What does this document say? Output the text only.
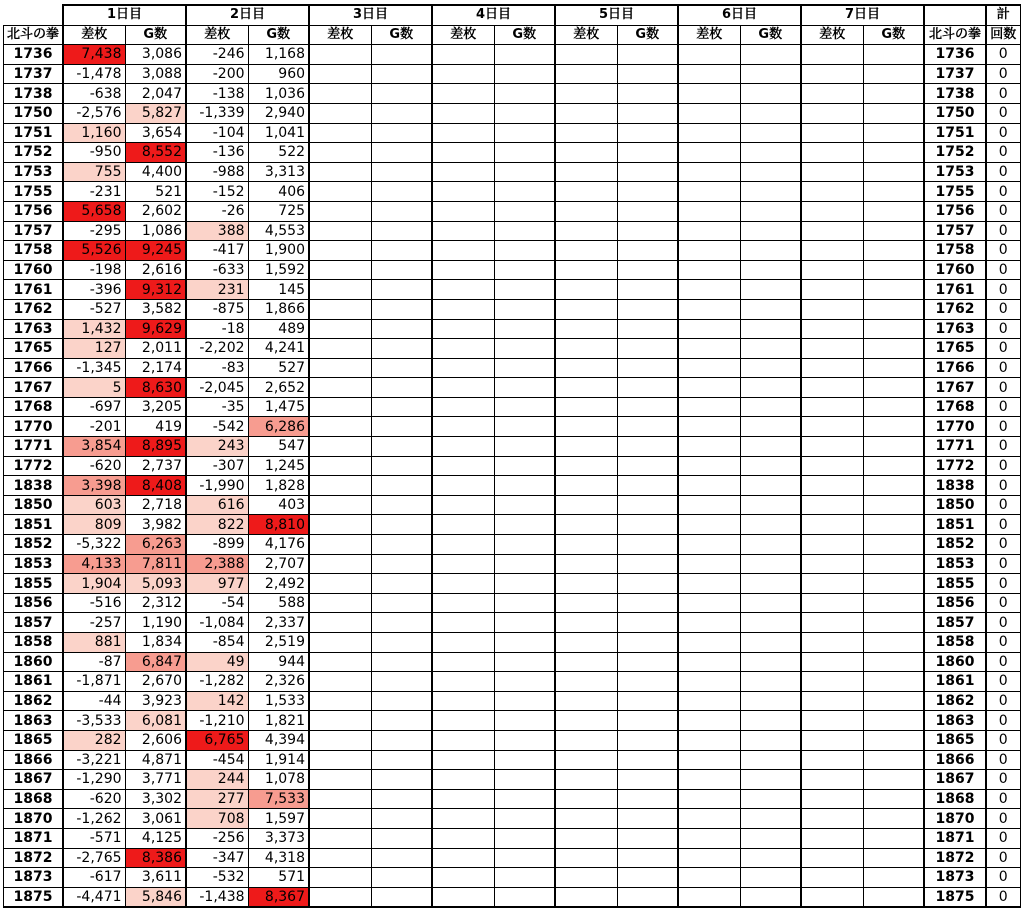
	1日目		2日目		3日目		4日目		5日目		6日目		7日目			計
北斗の拳	差枚	G数	差枚	G数	差枚	G数	差枚	G数	差枚	G数	差枚	G数	差枚	G数	北斗の拳	回数
1736	7,438	3,086	-246	1,168											1736	0
1737	-1,478	3,088	-200	960											1737	0
1738	-638	2,047	-138	1,036											1738	0
1750	-2,576	5,827	-1,339	2,940											1750	0
1751	1,160	3,654	-104	1,041											1751	0
1752	-950	8,552	-136	522											1752	0
1753	755	4,400	-988	3,313											1753	0
1755	-231	521	-152	406											1755	0
1756	5,658	2,602	-26	725											1756	0
1757	-295	1,086	388	4,553											1757	0
1758	5,526	9,245	-417	1,900											1758	0
1760	-198	2,616	-633	1,592											1760	0
1761	-396	9,312	231	145											1761	0
1762	-527	3,582	-875	1,866											1762	0
1763	1,432	9,629	-18	489											1763	0
1765	127	2,011	-2,202	4,241											1765	0
1766	-1,345	2,174	-83	527											1766	0
1767	5	8,630	-2,045	2,652											1767	0
1768	-697	3,205	-35	1,475											1768	0
1770	-201	419	-542	6,286											1770	0
1771	3,854	8,895	243	547											1771	0
1772	-620	2,737	-307	1,245											1772	0
1838	3,398	8,408	-1,990	1,828											1838	0
1850	603	2,718	616	403											1850	0
1851	809	3,982	822	8,810											1851	0
1852	-5,322	6,263	-899	4,176											1852	0
1853	4,133	7,811	2,388	2,707											1853	0
1855	1,904	5,093	977	2,492											1855	0
1856	-516	2,312	-54	588											1856	0
1857	-257	1,190	-1,084	2,337											1857	0
1858	881	1,834	-854	2,519											1858	0
1860	-87	6,847	49	944											1860	0
1861	-1,871	2,670	-1,282	2,326											1861	0
1862	-44	3,923	142	1,533											1862	0
1863	-3,533	6,081	-1,210	1,821											1863	0
1865	282	2,606	6,765	4,394											1865	0
1866	-3,221	4,871	-454	1,914											1866	0
1867	-1,290	3,771	244	1,078											1867	0
1868	-620	3,302	277	7,533											1868	0
1870	-1,262	3,061	708	1,597											1870	0
1871	-571	4,125	-256	3,373											1871	0
1872	-2,765	8,386	-347	4,318											1872	0
1873	-617	3,611	-532	571											1873	0
1875	-4,471	5,846	-1,438	8,367											1875	0
